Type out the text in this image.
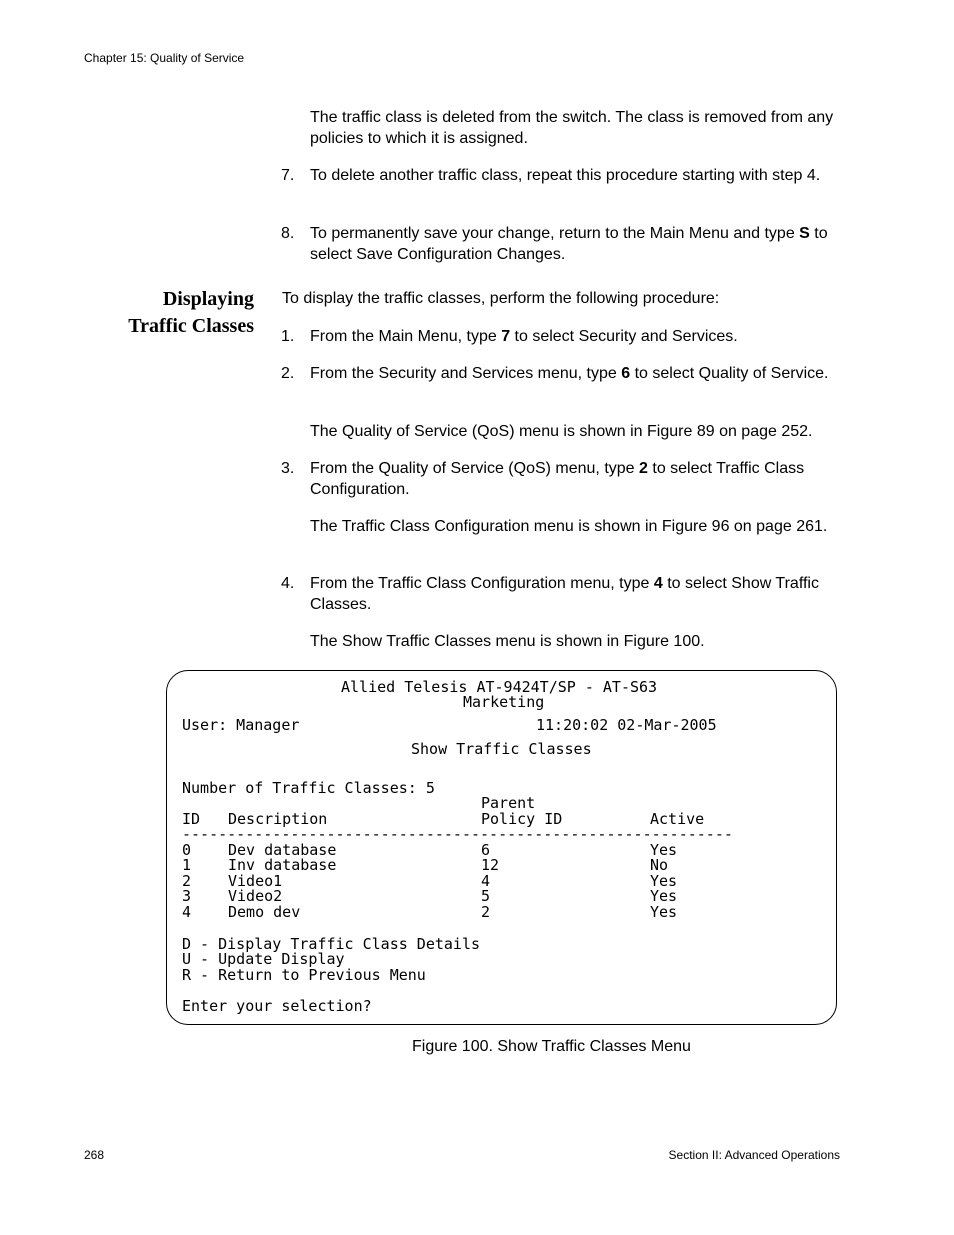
Chapter 15: Quality of Service
268	Section II: Advanced Operations
The traffic class is deleted from the switch. The class is removed from any policies to which it is assigned.
7. To delete another traffic class, repeat this procedure starting with step 4.
8. To permanently save your change, return to the Main Menu and type S to select Save Configuration Changes.
Displaying
Traffic Classes
To display the traffic classes, perform the following procedure:
1. From the Main Menu, type 7 to select Security and Services.
2. From the Security and Services menu, type 6 to select Quality of Service.
The Quality of Service (QoS) menu is shown in Figure 89 on page 252.
3. From the Quality of Service (QoS) menu, type 2 to select Traffic Class Configuration.
The Traffic Class Configuration menu is shown in Figure 96 on page 261.
4. From the Traffic Class Configuration menu, type 4 to select Show Traffic Classes.
The Show Traffic Classes menu is shown in Figure 100.
Allied Telesis AT-9424T/SP - AT-S63
Marketing
User: Manager	11:20:02 02-Mar-2005
Show Traffic Classes
Number of Traffic Classes: 5
Parent
ID Description	Policy ID	Active
-------------------------------------------------------------
0 Dev database	6	Yes
1 Inv database	12	No
2 Video1	4	Yes
3 Video2	5	Yes
4 Demo dev	2	Yes
D - Display Traffic Class Details
U - Update Display
R - Return to Previous Menu
Enter your selection?
Figure 100. Show Traffic Classes Menu
